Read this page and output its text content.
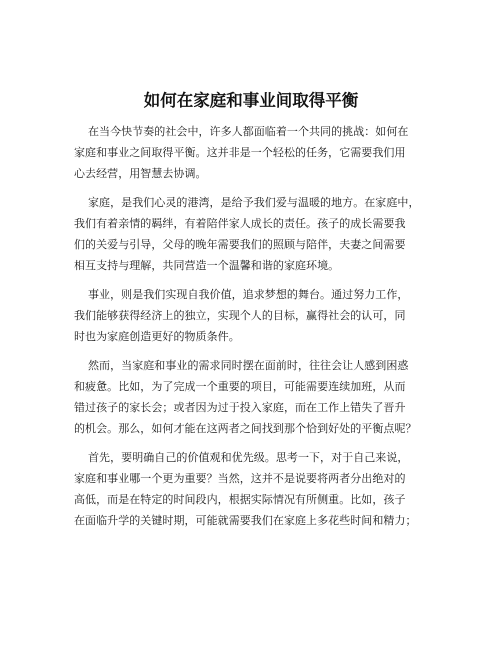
如何在家庭和事业间取得平衡
在当今快节奏的社会中，许多人都面临着一个共同的挑战：如何在
家庭和事业之间取得平衡。这并非是一个轻松的任务，它需要我们用
心去经营，用智慧去协调。
家庭，是我们心灵的港湾，是给予我们爱与温暖的地方。在家庭中，
我们有着亲情的羁绊，有着陪伴家人成长的责任。孩子的成长需要我
们的关爱与引导，父母的晚年需要我们的照顾与陪伴，夫妻之间需要
相互支持与理解，共同营造一个温馨和谐的家庭环境。
事业，则是我们实现自我价值，追求梦想的舞台。通过努力工作，
我们能够获得经济上的独立，实现个人的目标，赢得社会的认可，同
时也为家庭创造更好的物质条件。
然而，当家庭和事业的需求同时摆在面前时，往往会让人感到困惑
和疲惫。比如，为了完成一个重要的项目，可能需要连续加班，从而
错过孩子的家长会；或者因为过于投入家庭，而在工作上错失了晋升
的机会。那么，如何才能在这两者之间找到那个恰到好处的平衡点呢？
首先，要明确自己的价值观和优先级。思考一下，对于自己来说，
家庭和事业哪一个更为重要？当然，这并不是说要将两者分出绝对的
高低，而是在特定的时间段内，根据实际情况有所侧重。比如，孩子
在面临升学的关键时期，可能就需要我们在家庭上多花些时间和精力；
